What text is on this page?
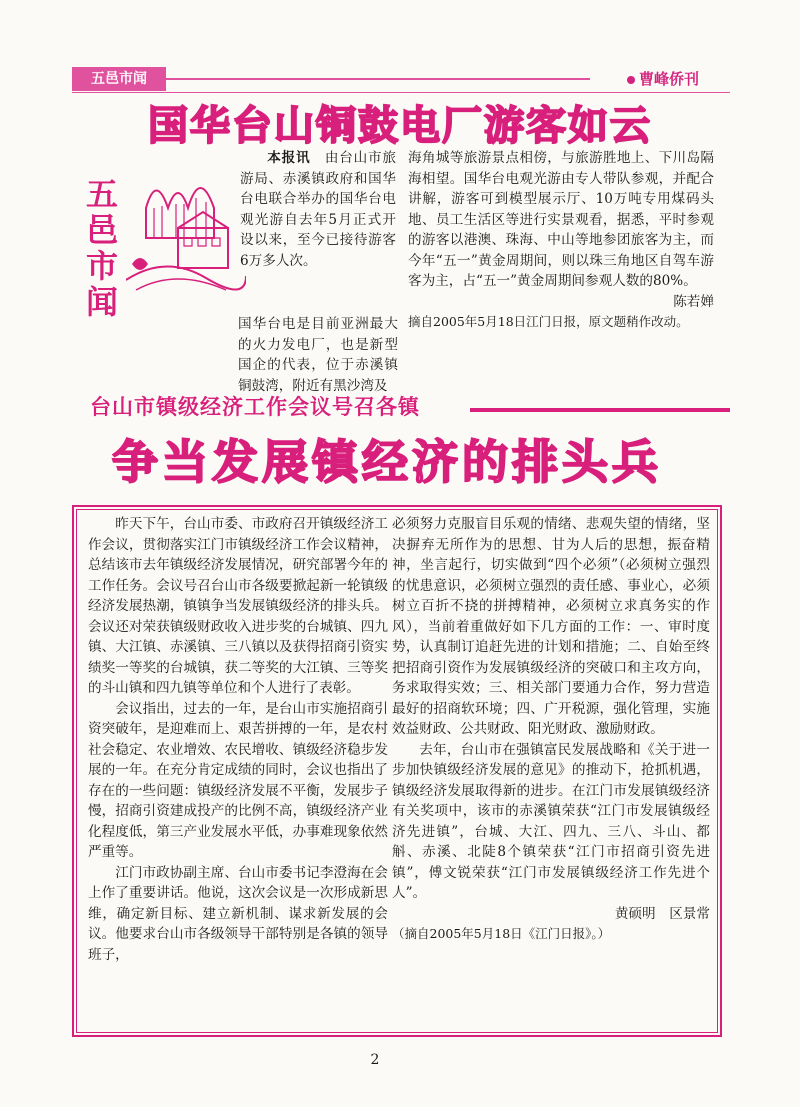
五邑市闻	曹峰侨刊
国华台山铜鼓电厂游客如云
五
邑
市
闻

本报讯　 由台山市旅游局、赤溪镇政府和国华台电联合举办的国华台电观光游自去年5月正式开设以来，至今已接待游客6万多人次。

国华台电是目前亚洲最大的火力发电厂，也是新型国企的代表，位于赤溪镇铜鼓湾，附近有黑沙湾及

海角城等旅游景点相傍，与旅游胜地上、下川岛隔海相望。国华台电观光游由专人带队参观，并配合讲解，游客可到模型展示厅、10万吨专用煤码头地、员工生活区等进行实景观看，据悉，平时参观的游客以港澳、珠海、中山等地参团旅客为主，而今年“五一”黄金周期间，则以珠三角地区自驾车游客为主，占“五一”黄金周期间参观人数的80%。

陈若婵

摘自2005年5月18日江门日报，原文题稍作改动。

台山市镇级经济工作会议号召各镇
争当发展镇经济的排头兵

昨天下午，台山市委、市政府召开镇级经济工作会议，贯彻落实江门市镇级经济工作会议精神，总结该市去年镇级经济发展情况，研究部署今年的工作任务。会议号召台山市各级要掀起新一轮镇级经济发展热潮，镇镇争当发展镇级经济的排头兵。会议还对荣获镇级财政收入进步奖的台城镇、四九镇、大江镇、赤溪镇、三八镇以及获得招商引资实绩奖一等奖的台城镇，获二等奖的大江镇、三等奖的斗山镇和四九镇等单位和个人进行了表彰。

会议指出，过去的一年，是台山市实施招商引资突破年，是迎难而上、艰苦拼搏的一年，是农村社会稳定、农业增效、农民增收、镇级经济稳步发展的一年。在充分肯定成绩的同时，会议也指出了存在的一些问题：镇级经济发展不平衡，发展步子慢，招商引资建成投产的比例不高，镇级经济产业化程度低，第三产业发展水平低，办事难现象依然严重等。

江门市政协副主席、台山市委书记李澄海在会上作了重要讲话。他说，这次会议是一次形成新思维，确定新目标、建立新机制、谋求新发展的会议。他要求台山市各级领导干部特别是各镇的领导班子，

必须努力克服盲目乐观的情绪、悲观失望的情绪，坚决摒弃无所作为的思想、甘为人后的思想，振奋精神，坐言起行，切实做到“四个必须”（必须树立强烈的忧患意识，必须树立强烈的责任感、事业心，必须树立百折不挠的拼搏精神，必须树立求真务实的作风），当前着重做好如下几方面的工作：一、审时度势，认真制订追赶先进的计划和措施；二、自始至终把招商引资作为发展镇级经济的突破口和主攻方向，务求取得实效；三、相关部门要通力合作，努力营造最好的招商软环境；四、广开税源，强化管理，实施效益财政、公共财政、阳光财政、激励财政。

去年，台山市在强镇富民发展战略和《关于进一步加快镇级经济发展的意见》的推动下，抢抓机遇，镇级经济发展取得新的进步。在江门市发展镇级经济有关奖项中，该市的赤溪镇荣获“江门市发展镇级经济先进镇”，台城、大江、四九、三八、斗山、都斛、赤溪、北陡8个镇荣获“江门市招商引资先进镇”，傅文锐荣获“江门市发展镇级经济工作先进个人”。

黄硕明　区景常

（摘自2005年5月18日《江门日报》。）

2
